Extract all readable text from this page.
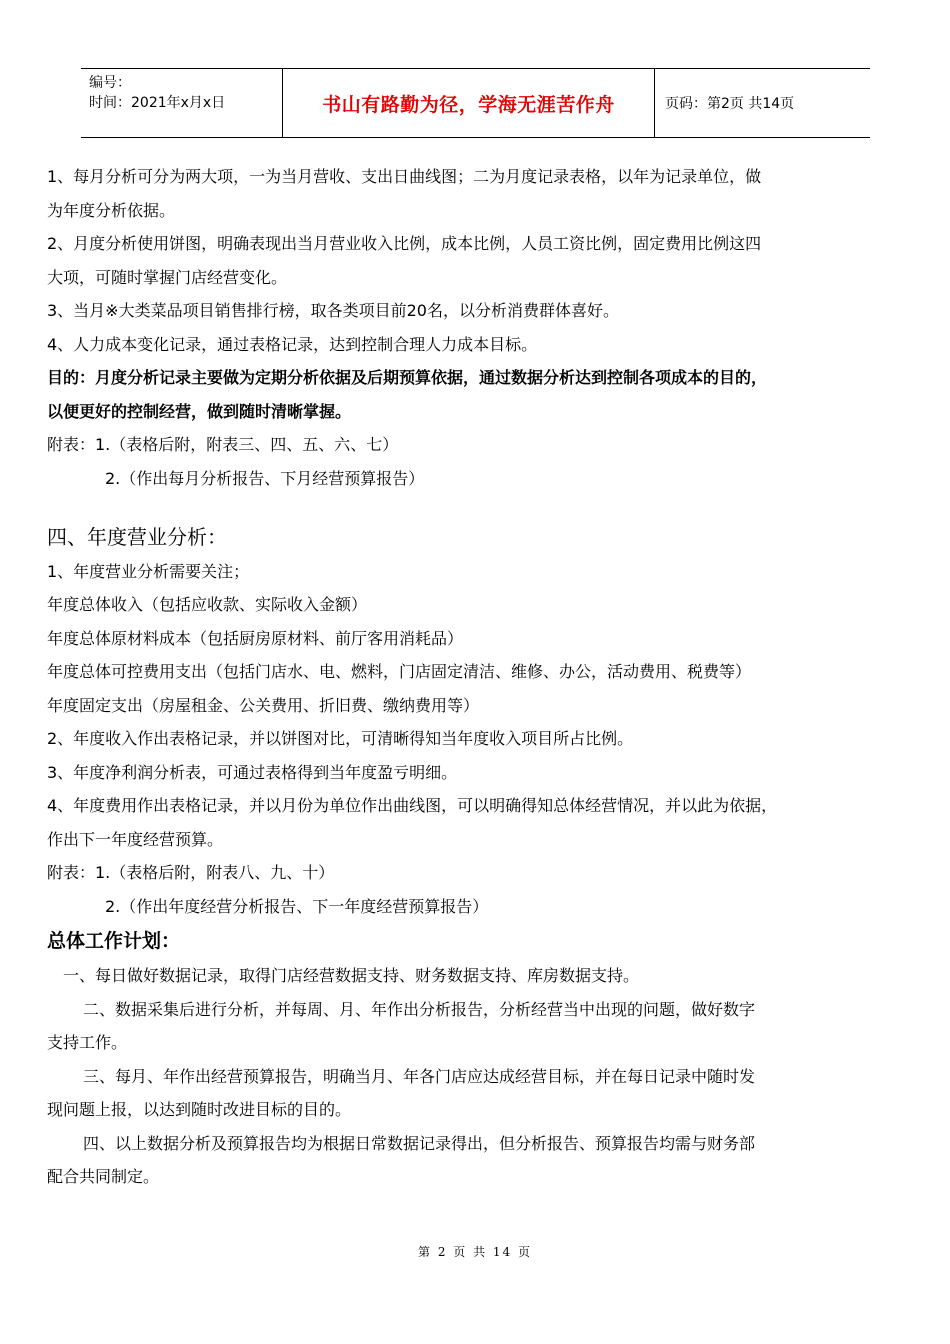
编号：
时间：2021年x月x日	书山有路勤为径，学海无涯苦作舟	页码：第2页 共14页

1、每月分析可分为两大项，一为当月营收、支出日曲线图；二为月度记录表格，以年为记录单位，做

为年度分析依据。

2、月度分析使用饼图，明确表现出当月营业收入比例，成本比例，人员工资比例，固定费用比例这四

大项，可随时掌握门店经营变化。

3、当月※大类菜品项目销售排行榜，取各类项目前20名，以分析消费群体喜好。

4、人力成本变化记录，通过表格记录，达到控制合理人力成本目标。

目的：月度分析记录主要做为定期分析依据及后期预算依据，通过数据分析达到控制各项成本的目的，

以便更好的控制经营，做到随时清晰掌握。

附表：1.（表格后附，附表三、四、五、六、七）

2.（作出每月分析报告、下月经营预算报告）

四、年度营业分析：

1、年度营业分析需要关注；

年度总体收入（包括应收款、实际收入金额）

年度总体原材料成本（包括厨房原材料、前厅客用消耗品）

年度总体可控费用支出（包括门店水、电、燃料，门店固定清洁、维修、办公，活动费用、税费等）

年度固定支出（房屋租金、公关费用、折旧费、缴纳费用等）

2、年度收入作出表格记录，并以饼图对比，可清晰得知当年度收入项目所占比例。

3、年度净利润分析表，可通过表格得到当年度盈亏明细。

4、年度费用作出表格记录，并以月份为单位作出曲线图，可以明确得知总体经营情况，并以此为依据，

作出下一年度经营预算。

附表：1.（表格后附，附表八、九、十）

2.（作出年度经营分析报告、下一年度经营预算报告）

总体工作计划：

一、每日做好数据记录，取得门店经营数据支持、财务数据支持、库房数据支持。

二、数据采集后进行分析，并每周、月、年作出分析报告，分析经营当中出现的问题，做好数字

支持工作。

三、每月、年作出经营预算报告，明确当月、年各门店应达成经营目标，并在每日记录中随时发

现问题上报，以达到随时改进目标的目的。

四、以上数据分析及预算报告均为根据日常数据记录得出，但分析报告、预算报告均需与财务部

配合共同制定。

第 2 页 共 14 页
